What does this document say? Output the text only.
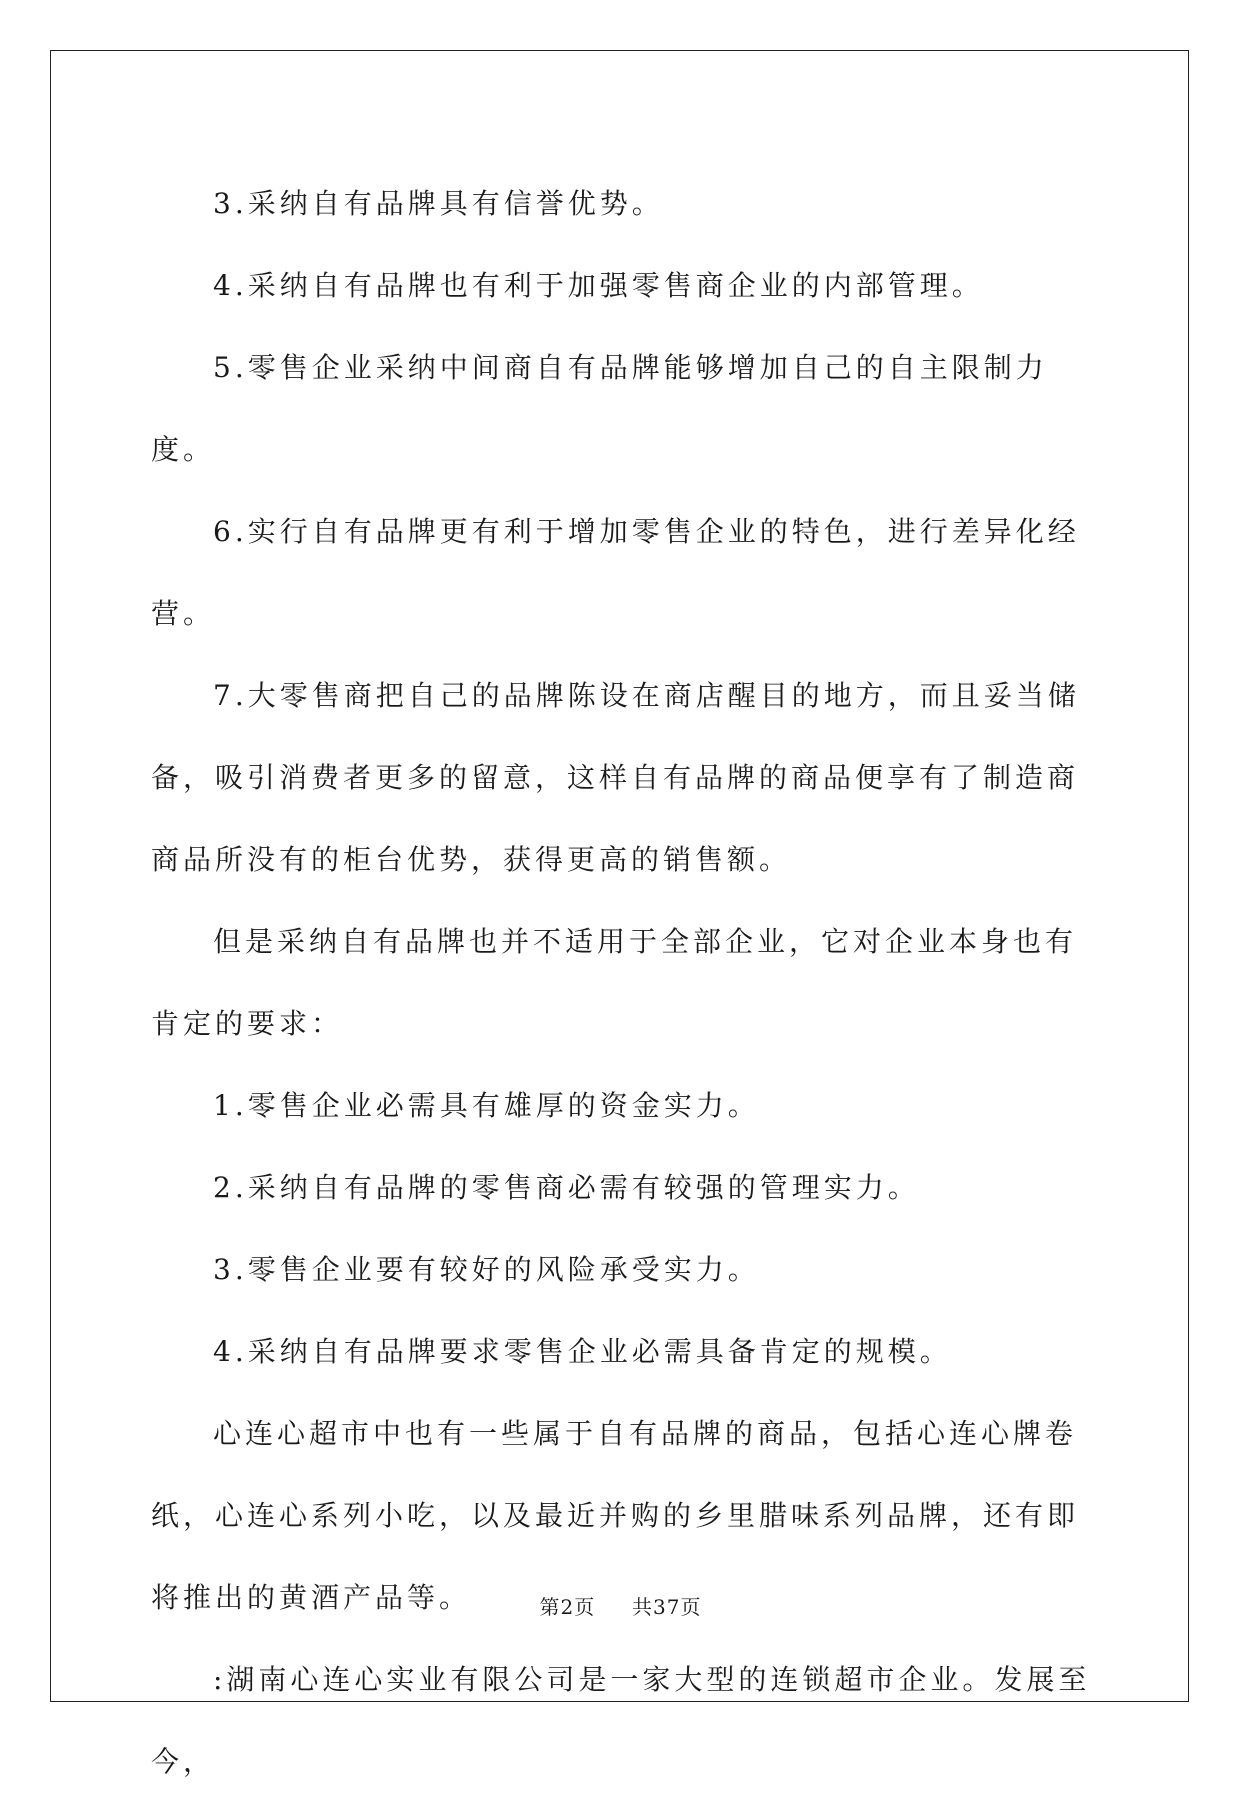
3.采纳自有品牌具有信誉优势。

4.采纳自有品牌也有利于加强零售商企业的内部管理。

5.零售企业采纳中间商自有品牌能够增加自己的自主限制力度。

6.实行自有品牌更有利于增加零售企业的特色，进行差异化经营。

7.大零售商把自己的品牌陈设在商店醒目的地方，而且妥当储备，吸引消费者更多的留意，这样自有品牌的商品便享有了制造商商品所没有的柜台优势，获得更高的销售额。

但是采纳自有品牌也并不适用于全部企业，它对企业本身也有肯定的要求：

1.零售企业必需具有雄厚的资金实力。

2.采纳自有品牌的零售商必需有较强的管理实力。

3.零售企业要有较好的风险承受实力。

4.采纳自有品牌要求零售企业必需具备肯定的规模。

心连心超市中也有一些属于自有品牌的商品，包括心连心牌卷纸，心连心系列小吃，以及最近并购的乡里腊味系列品牌，还有即将推出的黄酒产品等。

:湖南心连心实业有限公司是一家大型的连锁超市企业。发展至今，

第2页 共37页
